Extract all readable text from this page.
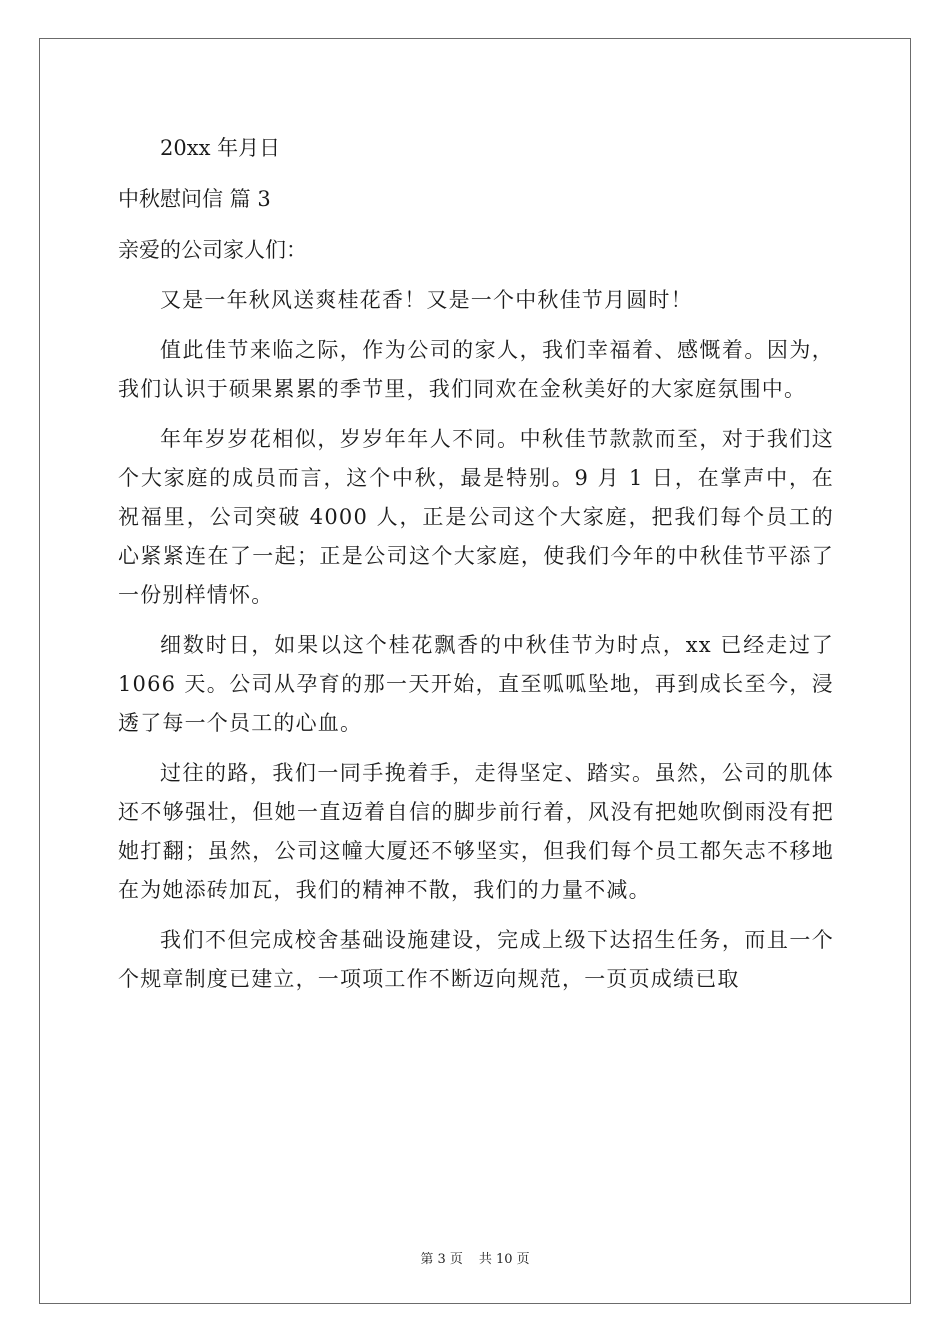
20xx 年月日

中秋慰问信 篇 3

亲爱的公司家人们：

又是一年秋风送爽桂花香！又是一个中秋佳节月圆时！

值此佳节来临之际，作为公司的家人，我们幸福着、感慨着。因为，我们认识于硕果累累的季节里，我们同欢在金秋美好的大家庭氛围中。

年年岁岁花相似，岁岁年年人不同。中秋佳节款款而至，对于我们这个大家庭的成员而言，这个中秋，最是特别。9 月 1 日，在掌声中，在祝福里，公司突破 4000 人，正是公司这个大家庭，把我们每个员工的心紧紧连在了一起；正是公司这个大家庭，使我们今年的中秋佳节平添了一份别样情怀。

细数时日，如果以这个桂花飘香的中秋佳节为时点，xx 已经走过了 1066 天。公司从孕育的那一天开始，直至呱呱坠地，再到成长至今，浸透了每一个员工的心血。

过往的路，我们一同手挽着手，走得坚定、踏实。虽然，公司的肌体还不够强壮，但她一直迈着自信的脚步前行着，风没有把她吹倒雨没有把她打翻；虽然，公司这幢大厦还不够坚实，但我们每个员工都矢志不移地在为她添砖加瓦，我们的精神不散，我们的力量不减。

我们不但完成校舍基础设施建设，完成上级下达招生任务，而且一个个规章制度已建立，一项项工作不断迈向规范，一页页成绩已取

第 3 页 共 10 页
